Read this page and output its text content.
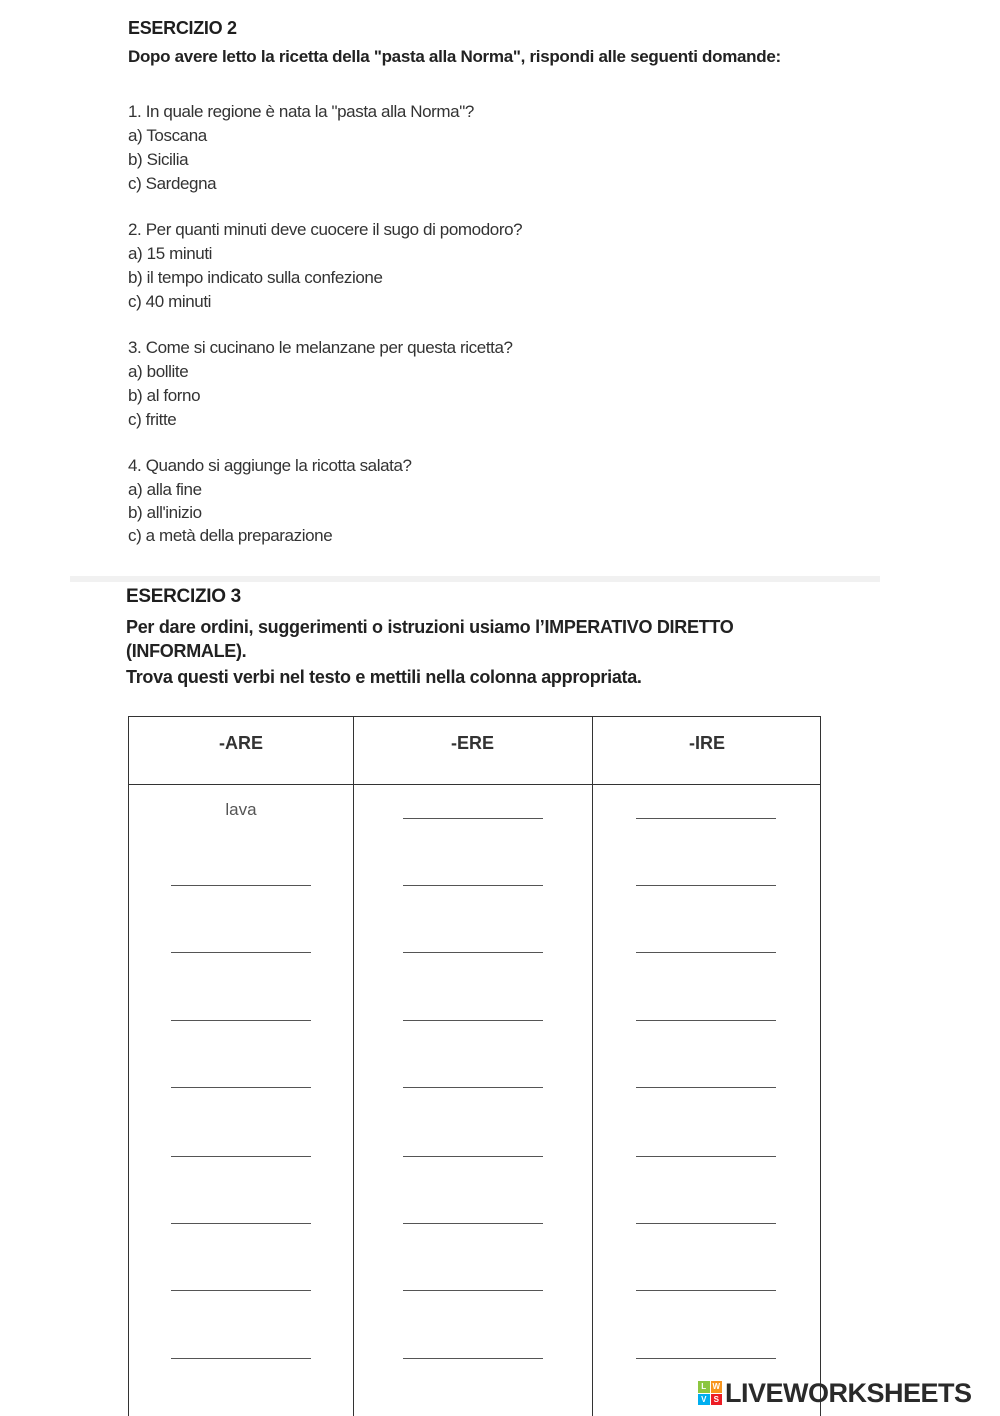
ESERCIZIO 2
Dopo avere letto la ricetta della "pasta alla Norma", rispondi alle seguenti domande:
1. In quale regione è nata la "pasta alla Norma"?
a) Toscana
b) Sicilia
c) Sardegna
2. Per quanti minuti deve cuocere il sugo di pomodoro?
a) 15 minuti
b) il tempo indicato sulla confezione
c) 40 minuti
3. Come si cucinano le melanzane per questa ricetta?
a) bollite
b) al forno
c) fritte
4. Quando si aggiunge la ricotta salata?
a) alla fine
b) all'inizio
c) a metà della preparazione
ESERCIZIO 3
Per dare ordini, suggerimenti o istruzioni usiamo l’IMPERATIVO DIRETTO (INFORMALE).
Trova questi verbi nel testo e mettili nella colonna appropriata.
-ARE	-ERE	-IRE
lava
L W
V S LIVEWORKSHEETS
